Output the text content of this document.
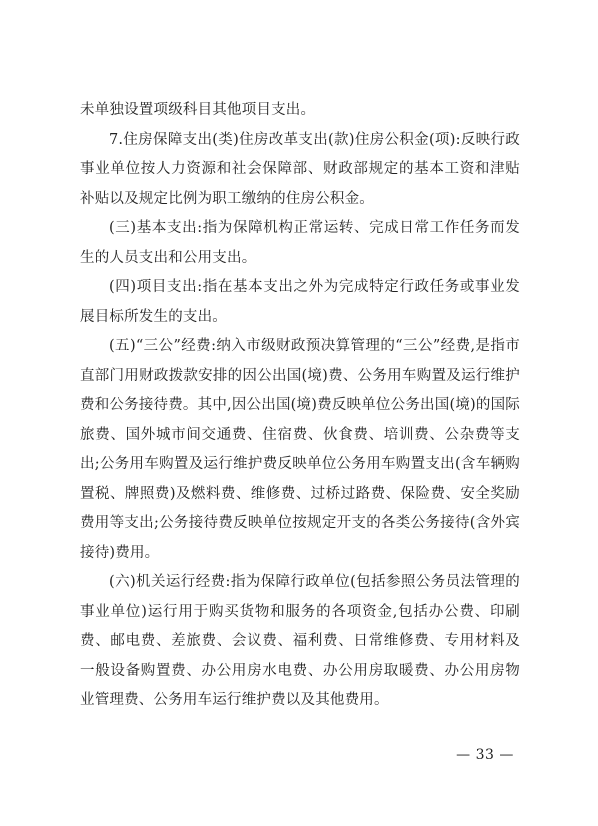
未单独设置项级科目其他项目支出。

7.住房保障支出(类)住房改革支出(款)住房公积金(项):反映行政事业单位按人力资源和社会保障部、财政部规定的基本工资和津贴补贴以及规定比例为职工缴纳的住房公积金。

(三)基本支出:指为保障机构正常运转、完成日常工作任务而发生的人员支出和公用支出。

(四)项目支出:指在基本支出之外为完成特定行政任务或事业发展目标所发生的支出。

(五)“三公”经费:纳入市级财政预决算管理的“三公”经费,是指市直部门用财政拨款安排的因公出国(境)费、公务用车购置及运行维护费和公务接待费。其中,因公出国(境)费反映单位公务出国(境)的国际旅费、国外城市间交通费、住宿费、伙食费、培训费、公杂费等支出;公务用车购置及运行维护费反映单位公务用车购置支出(含车辆购置税、牌照费)及燃料费、维修费、过桥过路费、保险费、安全奖励费用等支出;公务接待费反映单位按规定开支的各类公务接待(含外宾接待)费用。

(六)机关运行经费:指为保障行政单位(包括参照公务员法管理的事业单位)运行用于购买货物和服务的各项资金,包括办公费、印刷费、邮电费、差旅费、会议费、福利费、日常维修费、专用材料及一般设备购置费、办公用房水电费、办公用房取暖费、办公用房物业管理费、公务用车运行维护费以及其他费用。

— 33 —
